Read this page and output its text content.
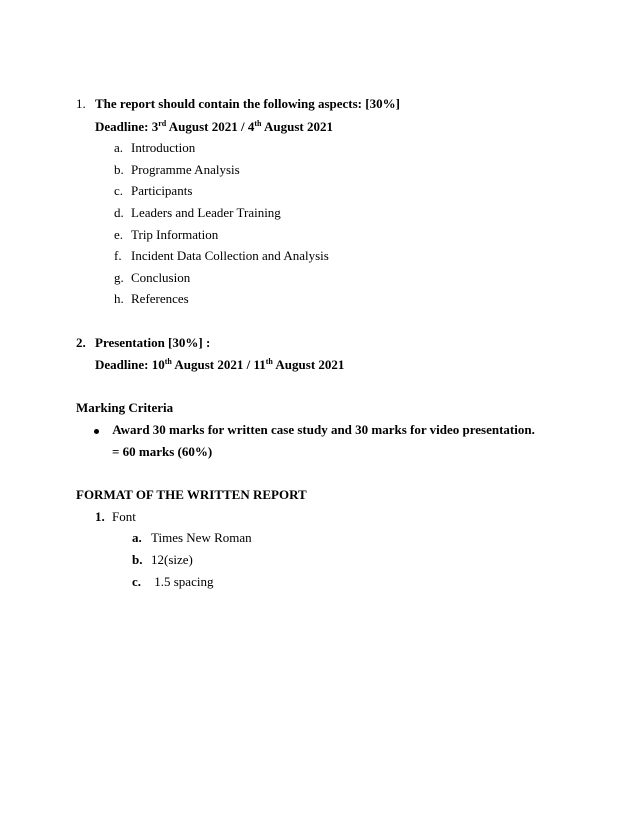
1. The report should contain the following aspects: [30%]
Deadline: 3rd August 2021 / 4th August 2021
a. Introduction
b. Programme Analysis
c. Participants
d. Leaders and Leader Training
e. Trip Information
f. Incident Data Collection and Analysis
g. Conclusion
h. References
2. Presentation [30%] :
Deadline: 10th August 2021 / 11th August 2021
Marking Criteria
Award 30 marks for written case study and 30 marks for video presentation.
= 60 marks (60%)
FORMAT OF THE WRITTEN REPORT
1. Font
a. Times New Roman
b. 12(size)
c. 1.5 spacing
